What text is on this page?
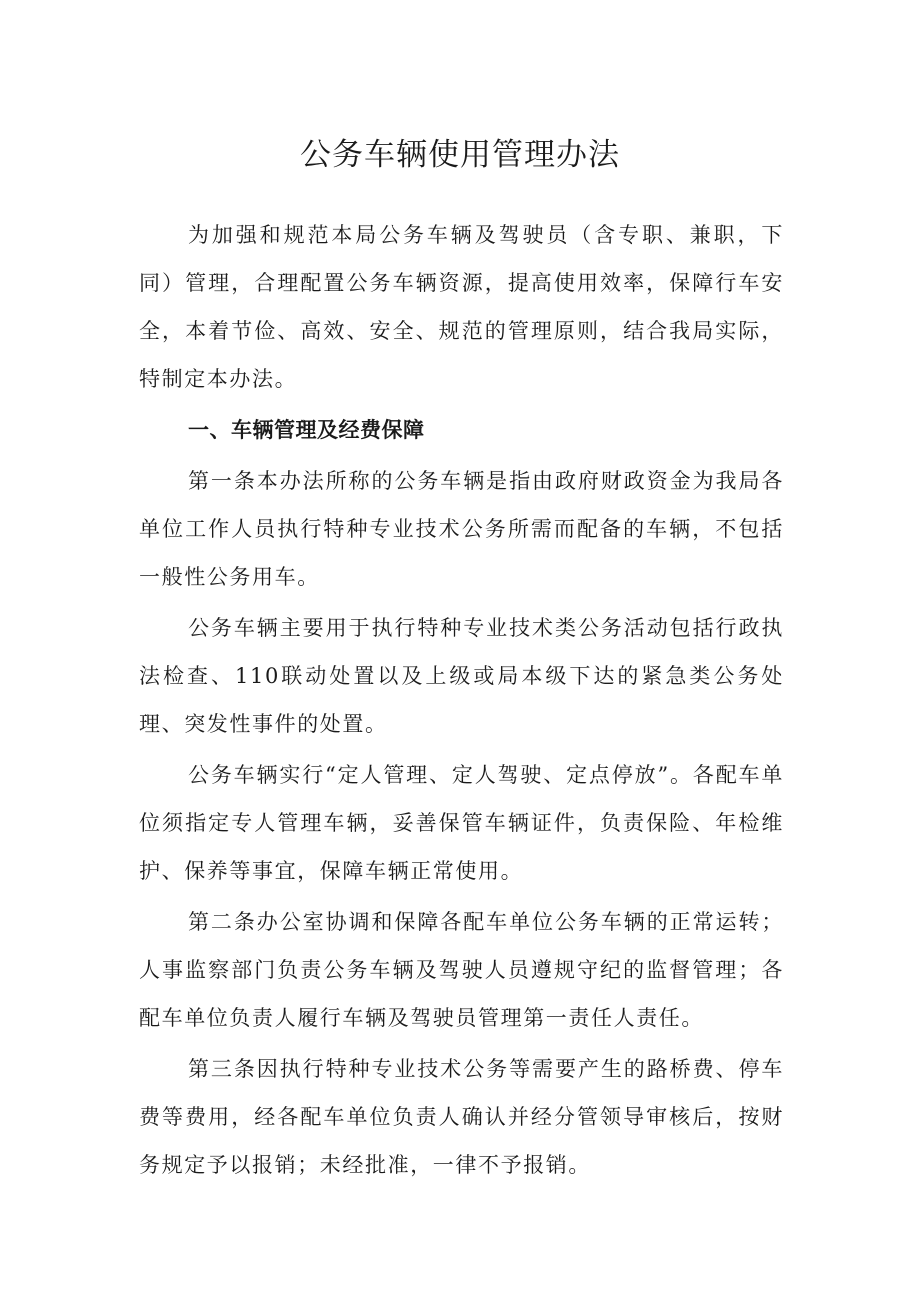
公务车辆使用管理办法

为加强和规范本局公务车辆及驾驶员（含专职、兼职，下同）管理，合理配置公务车辆资源，提高使用效率，保障行车安全，本着节俭、高效、安全、规范的管理原则，结合我局实际，特制定本办法。

一、车辆管理及经费保障

第一条本办法所称的公务车辆是指由政府财政资金为我局各单位工作人员执行特种专业技术公务所需而配备的车辆，不包括一般性公务用车。

公务车辆主要用于执行特种专业技术类公务活动包括行政执法检查、110联动处置以及上级或局本级下达的紧急类公务处理、突发性事件的处置。

公务车辆实行“定人管理、定人驾驶、定点停放”。各配车单位须指定专人管理车辆，妥善保管车辆证件，负责保险、年检维护、保养等事宜，保障车辆正常使用。

第二条办公室协调和保障各配车单位公务车辆的正常运转；人事监察部门负责公务车辆及驾驶人员遵规守纪的监督管理；各配车单位负责人履行车辆及驾驶员管理第一责任人责任。

第三条因执行特种专业技术公务等需要产生的路桥费、停车费等费用，经各配车单位负责人确认并经分管领导审核后，按财务规定予以报销；未经批准，一律不予报销。
